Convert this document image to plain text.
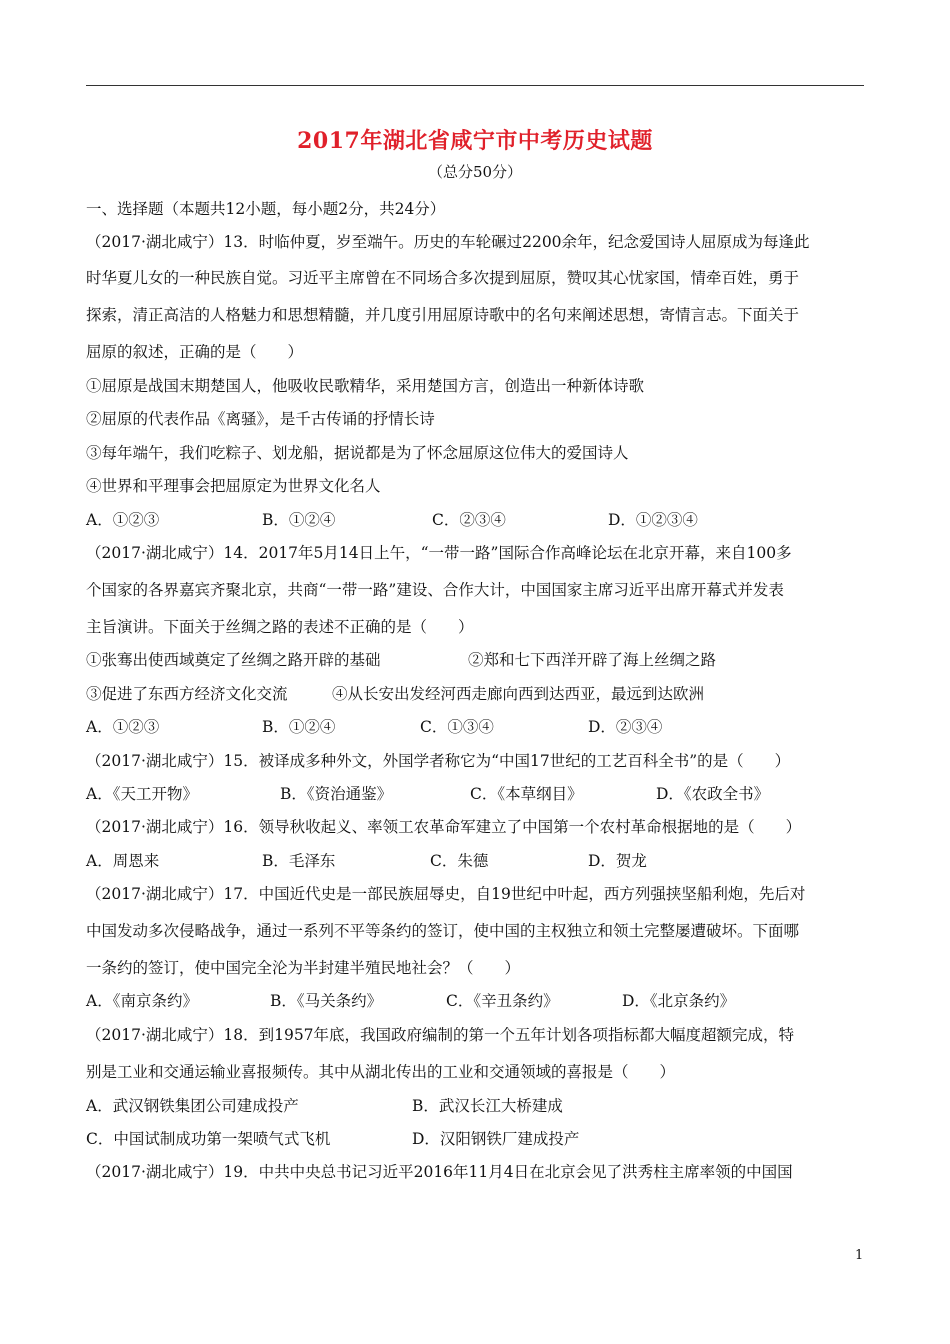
2017年湖北省咸宁市中考历史试题
（总分50分）
一、选择题（本题共12小题，每小题2分，共24分）
（2017·湖北咸宁）13．时临仲夏，岁至端午。历史的车轮碾过2200余年，纪念爱国诗人屈原成为每逢此
时华夏儿女的一种民族自觉。习近平主席曾在不同场合多次提到屈原，赞叹其心忧家国，情牵百姓，勇于
探索，清正高洁的人格魅力和思想精髓，并几度引用屈原诗歌中的名句来阐述思想，寄情言志。下面关于
屈原的叙述，正确的是（　　）
①屈原是战国末期楚国人，他吸收民歌精华，采用楚国方言，创造出一种新体诗歌
②屈原的代表作品《离骚》，是千古传诵的抒情长诗
③每年端午，我们吃粽子、划龙船，据说都是为了怀念屈原这位伟大的爱国诗人
④世界和平理事会把屈原定为世界文化名人
A．①②③	B．①②④	C．②③④	D．①②③④
（2017·湖北咸宁）14．2017年5月14日上午，“一带一路”国际合作高峰论坛在北京开幕，来自100多
个国家的各界嘉宾齐聚北京，共商“一带一路”建设、合作大计，中国国家主席习近平出席开幕式并发表
主旨演讲。下面关于丝绸之路的表述不正确的是（　　）
①张骞出使西域奠定了丝绸之路开辟的基础	②郑和七下西洋开辟了海上丝绸之路
③促进了东西方经济文化交流	④从长安出发经河西走廊向西到达西亚，最远到达欧洲
A．①②③	B．①②④	C．①③④	D．②③④
（2017·湖北咸宁）15．被译成多种外文，外国学者称它为“中国17世纪的工艺百科全书”的是（　　）
A．《天工开物》	B．《资治通鉴》	C．《本草纲目》	D．《农政全书》
（2017·湖北咸宁）16．领导秋收起义、率领工农革命军建立了中国第一个农村革命根据地的是（　　）
A．周恩来	B．毛泽东	C．朱德	D．贺龙
（2017·湖北咸宁）17．中国近代史是一部民族屈辱史，自19世纪中叶起，西方列强挟坚船利炮，先后对
中国发动多次侵略战争，通过一系列不平等条约的签订，使中国的主权独立和领土完整屡遭破坏。下面哪
一条约的签订，使中国完全沦为半封建半殖民地社会？（　　）
A．《南京条约》	B．《马关条约》	C．《辛丑条约》	D．《北京条约》
（2017·湖北咸宁）18．到1957年底，我国政府编制的第一个五年计划各项指标都大幅度超额完成，特
别是工业和交通运输业喜报频传。其中从湖北传出的工业和交通领域的喜报是（　　）
A．武汉钢铁集团公司建成投产	B．武汉长江大桥建成
C．中国试制成功第一架喷气式飞机	D．汉阳钢铁厂建成投产
（2017·湖北咸宁）19．中共中央总书记习近平2016年11月4日在北京会见了洪秀柱主席率领的中国国
1
